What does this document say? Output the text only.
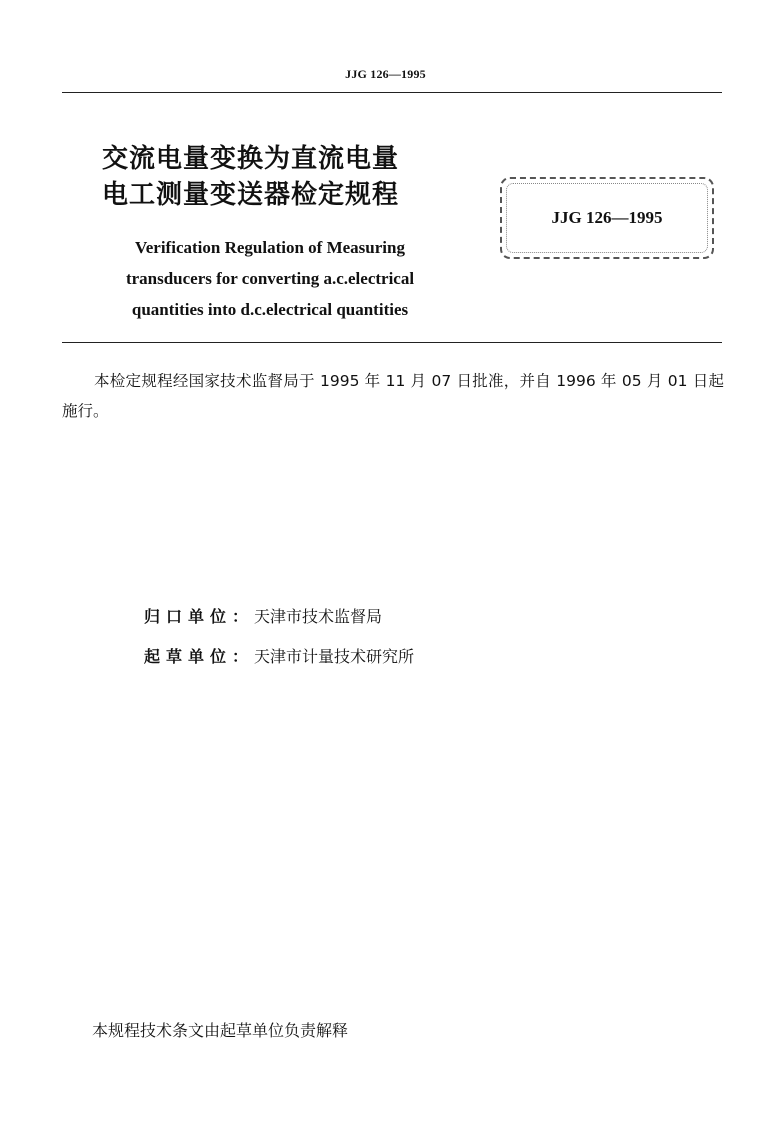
JJG 126—1995
交流电量变换为直流电量
电工测量变送器检定规程
Verification Regulation of Measuring
transducers for converting a.c.electrical
quantities into d.c.electrical quantities
JJG 126—1995
本检定规程经国家技术监督局于 1995 年 11 月 07 日批准，并自 1996 年 05 月 01 日起施行。
归口单位：天津市技术监督局
起草单位：天津市计量技术研究所
本规程技术条文由起草单位负责解释
